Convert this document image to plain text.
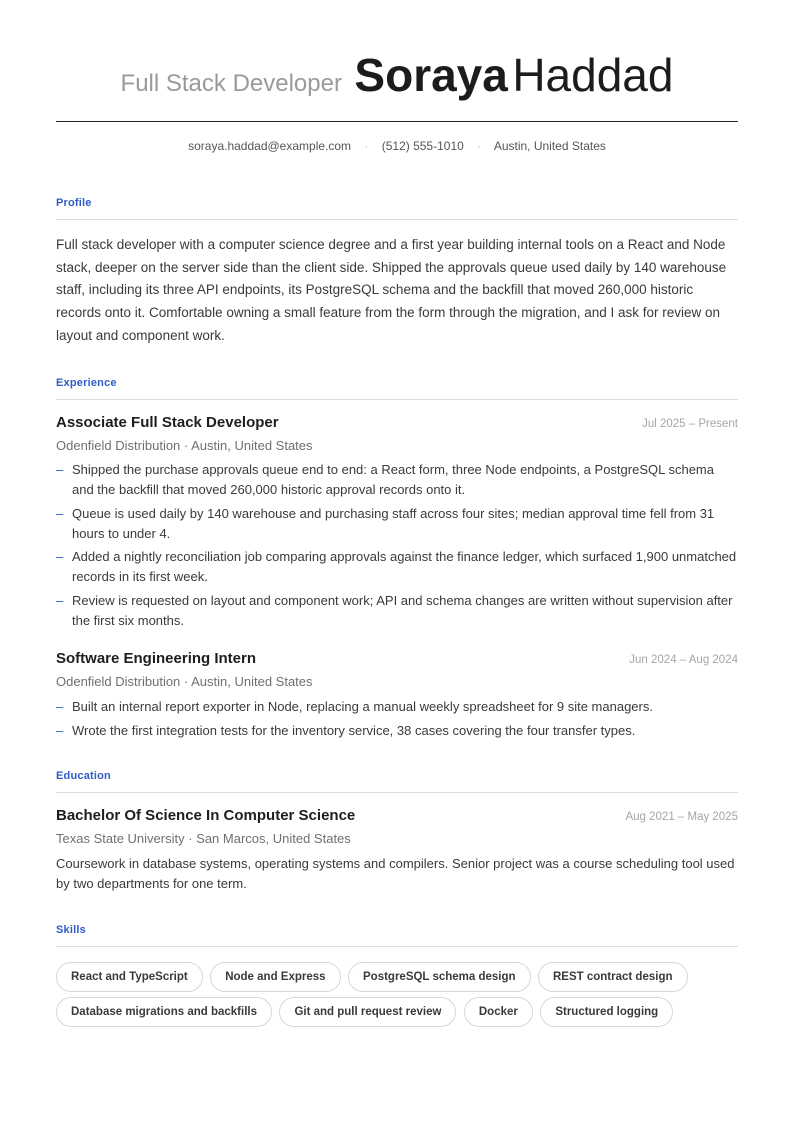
Full Stack Developer Soraya Haddad
soraya.haddad@example.com · (512) 555-1010 · Austin, United States
Profile
Full stack developer with a computer science degree and a first year building internal tools on a React and Node stack, deeper on the server side than the client side. Shipped the approvals queue used daily by 140 warehouse staff, including its three API endpoints, its PostgreSQL schema and the backfill that moved 260,000 historic records onto it. Comfortable owning a small feature from the form through the migration, and I ask for review on layout and component work.
Experience
Associate Full Stack Developer	Jul 2025 – Present
Odenfield Distribution · Austin, United States
– Shipped the purchase approvals queue end to end: a React form, three Node endpoints, a PostgreSQL schema and the backfill that moved 260,000 historic approval records onto it.
– Queue is used daily by 140 warehouse and purchasing staff across four sites; median approval time fell from 31 hours to under 4.
– Added a nightly reconciliation job comparing approvals against the finance ledger, which surfaced 1,900 unmatched records in its first week.
– Review is requested on layout and component work; API and schema changes are written without supervision after the first six months.
Software Engineering Intern	Jun 2024 – Aug 2024
Odenfield Distribution · Austin, United States
– Built an internal report exporter in Node, replacing a manual weekly spreadsheet for 9 site managers.
– Wrote the first integration tests for the inventory service, 38 cases covering the four transfer types.
Education
Bachelor Of Science In Computer Science	Aug 2021 – May 2025
Texas State University · San Marcos, United States
Coursework in database systems, operating systems and compilers. Senior project was a course scheduling tool used by two departments for one term.
Skills
React and TypeScript	Node and Express	PostgreSQL schema design	REST contract design
Database migrations and backfills	Git and pull request review	Docker	Structured logging
